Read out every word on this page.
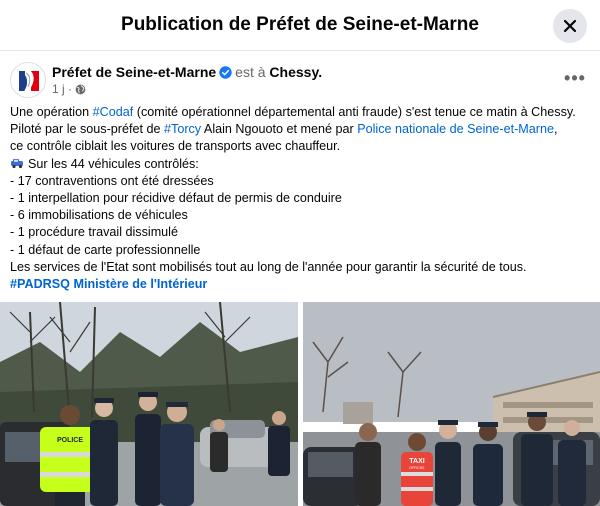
Publication de Préfet de Seine-et-Marne
Préfet de Seine-et-Marne est à Chessy.
1 j ·
•••
Une opération #Codaf (comité opérationnel départemental anti fraude) s'est tenue ce matin à Chessy.
Piloté par le sous-préfet de #Torcy Alain Ngouoto et mené par Police nationale de Seine-et-Marne,
ce contrôle ciblait les voitures de transports avec chauffeur.
Sur les 44 véhicules contrôlés:
- 17 contraventions ont été dressées
- 1 interpellation pour récidive défaut de permis de conduire
- 6 immobilisations de véhicules
- 1 procédure travail dissimulé
- 1 défaut de carte professionnelle
Les services de l'Etat sont mobilisés tout au long de l'année pour garantir la sécurité de tous.
#PADRSQ Ministère de l'Intérieur
POLICE
TAXI
OFFICIEL
